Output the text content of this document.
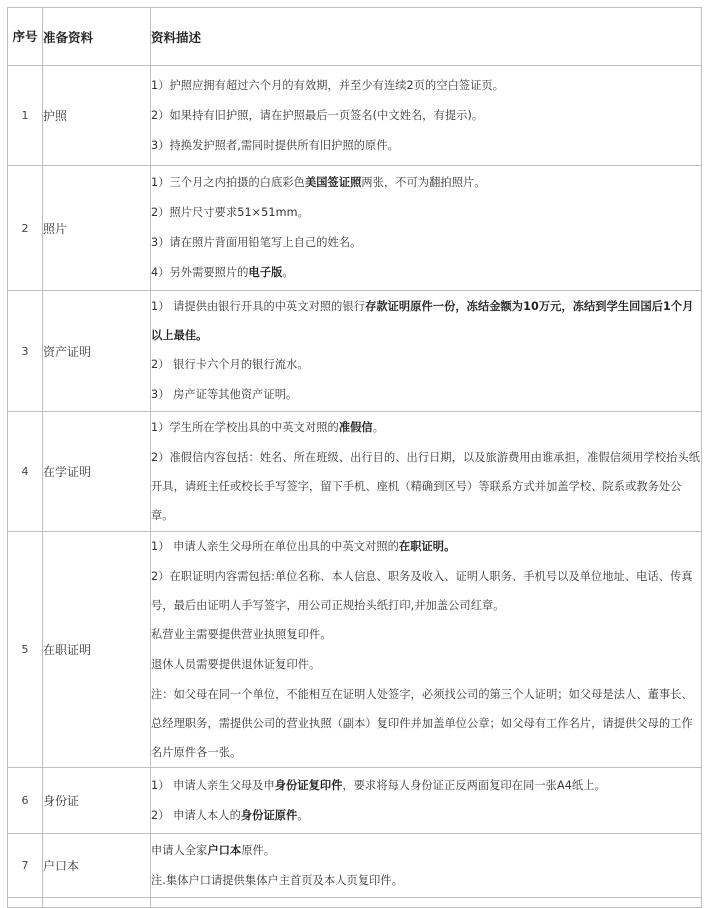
序号	准备资料	资料描述
1	护照	1）护照应拥有超过六个月的有效期，并至少有连续2页的空白签证页。

2）如果持有旧护照，请在护照最后一页签名(中文姓名，有提示)。

3）持换发护照者,需同时提供所有旧护照的原件。

2	照片	1）三个月之内拍摄的白底彩色美国签证照两张，不可为翻拍照片。

2）照片尺寸要求51×51mm。

3）请在照片背面用铅笔写上自己的姓名。

4）另外需要照片的电子版。

3	资产证明	1） 请提供由银行开具的中英文对照的银行存款证明原件一份，冻结金额为10万元，冻结到学生回国后1个月以上最佳。

2） 银行卡六个月的银行流水。

3） 房产证等其他资产证明。

4	在学证明	1）学生所在学校出具的中英文对照的准假信。

2）准假信内容包括：姓名、所在班级、出行目的、出行日期，以及旅游费用由谁承担，准假信须用学校抬头纸开具，请班主任或校长手写签字，留下手机、座机（精确到区号）等联系方式并加盖学校、院系或教务处公章。

5	在职证明	1） 申请人亲生父母所在单位出具的中英文对照的在职证明。

2）在职证明内容需包括:单位名称、本人信息、职务及收入、证明人职务、手机号以及单位地址、电话、传真号，最后由证明人手写签字，用公司正规抬头纸打印,并加盖公司红章。

私营业主需要提供营业执照复印件。

退休人员需要提供退休证复印件。

注：如父母在同一个单位，不能相互在证明人处签字，必须找公司的第三个人证明；如父母是法人、董事长、总经理职务，需提供公司的营业执照（副本）复印件并加盖单位公章；如父母有工作名片，请提供父母的工作名片原件各一张。

6	身份证	1） 申请人亲生父母及申身份证复印件，要求将每人身份证正反两面复印在同一张A4纸上。

2） 申请人本人的身份证原件。

7	户口本	申请人全家户口本原件。

注.集体户口请提供集体户主首页及本人页复印件。
